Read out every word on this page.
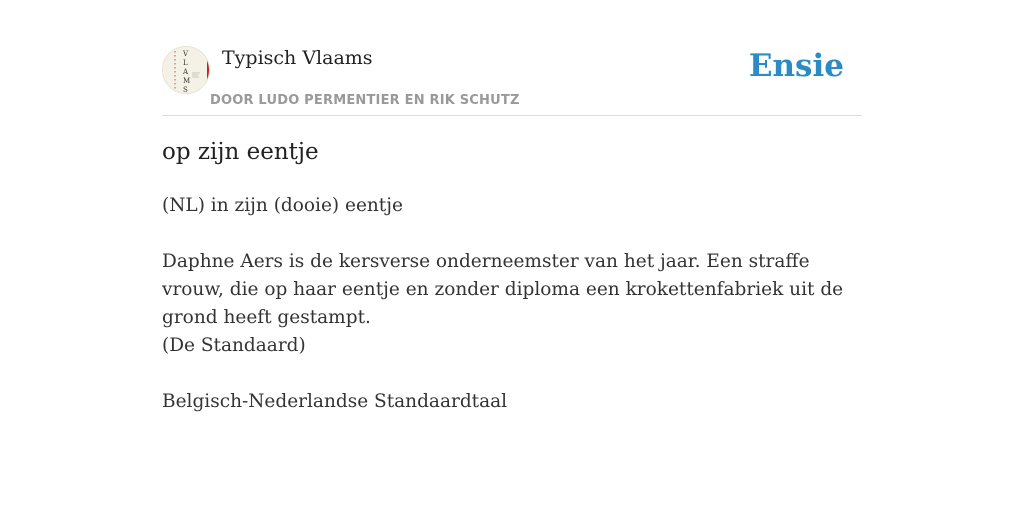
V
L
A
M
S
Typisch Vlaams
DOOR LUDO PERMENTIER EN RIK SCHUTZ
Ensie
op zijn eentje

(NL) in zijn (dooie) eentje

Daphne Aers is de kersverse onderneemster van het jaar. Een straffe vrouw, die op haar eentje en zonder diploma een krokettenfabriek uit de grond heeft gestampt.

(De Standaard)

Belgisch-Nederlandse Standaardtaal
